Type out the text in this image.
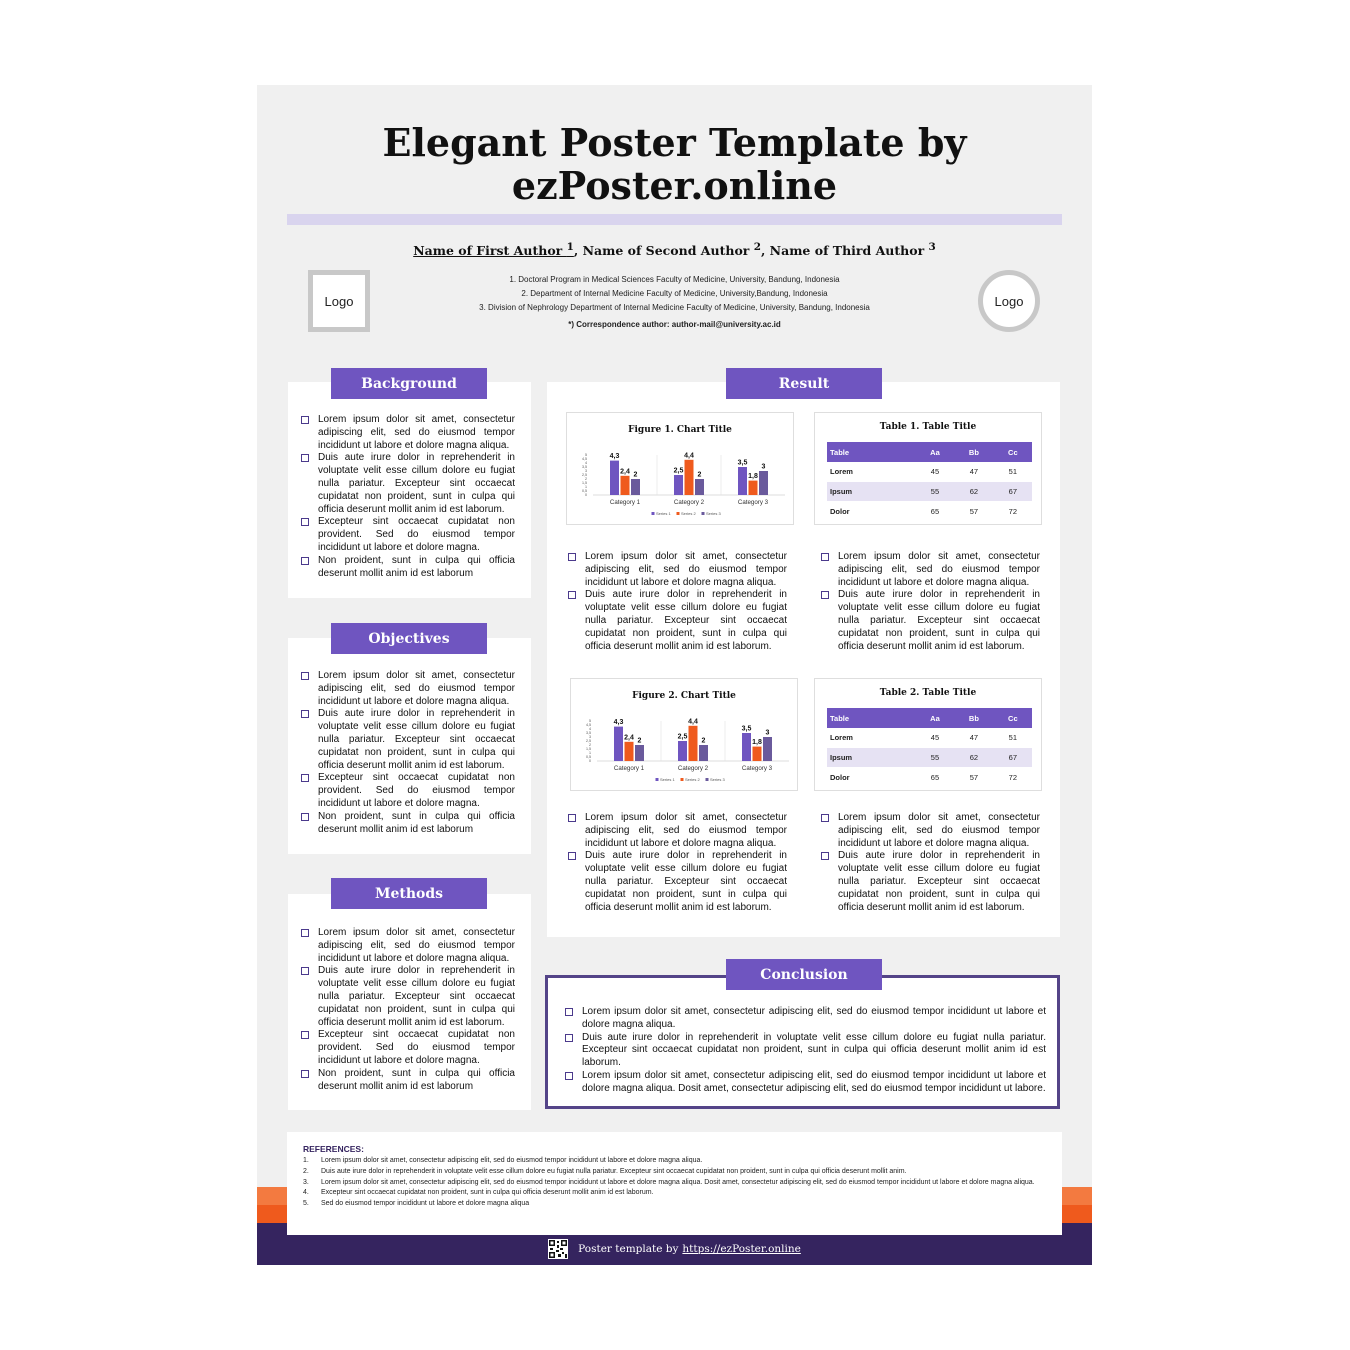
Elegant Poster Template by
ezPoster.online
Name of First Author $^1$, Name of Second Author $^2$, Name of Third Author $^3$
Logo	Logo
1. Doctoral Program in Medical Sciences Faculty of Medicine, University, Bandung, Indonesia
2. Department of Internal Medicine Faculty of Medicine, University,Bandung, Indonesia
3. Division of Nephrology Department of Internal Medicine Faculty of Medicine, University, Bandung, Indonesia
*) Correspondence author: author-mail@university.ac.id
Lorem ipsum dolor sit amet, consectetur adipiscing elit, sed do eiusmod tempor incididunt ut labore et dolore magna aliqua.
Duis aute irure dolor in reprehenderit in voluptate velit esse cillum dolore eu fugiat nulla pariatur. Excepteur sint occaecat cupidatat non proident, sunt in culpa qui officia deserunt mollit anim id est laborum.
Excepteur sint occaecat cupidatat non provident. Sed do eiusmod tempor incididunt ut labore et dolore magna.
Non proident, sunt in culpa qui officia deserunt mollit anim id est laborum
Background
Lorem ipsum dolor sit amet, consectetur adipiscing elit, sed do eiusmod tempor incididunt ut labore et dolore magna aliqua.
Duis aute irure dolor in reprehenderit in voluptate velit esse cillum dolore eu fugiat nulla pariatur. Excepteur sint occaecat cupidatat non proident, sunt in culpa qui officia deserunt mollit anim id est laborum.
Excepteur sint occaecat cupidatat non provident. Sed do eiusmod tempor incididunt ut labore et dolore magna.
Non proident, sunt in culpa qui officia deserunt mollit anim id est laborum
Objectives
Lorem ipsum dolor sit amet, consectetur adipiscing elit, sed do eiusmod tempor incididunt ut labore et dolore magna aliqua.
Duis aute irure dolor in reprehenderit in voluptate velit esse cillum dolore eu fugiat nulla pariatur. Excepteur sint occaecat cupidatat non proident, sunt in culpa qui officia deserunt mollit anim id est laborum.
Excepteur sint occaecat cupidatat non provident. Sed do eiusmod tempor incididunt ut labore et dolore magna.
Non proident, sunt in culpa qui officia deserunt mollit anim id est laborum
Methods
Figure 1. Chart Title
5
4,5
4
3,5
3
2,5
2
1,5
1
0,5
0
4,3
2,4 2
Category 1
2,5
4,4
2
Category 2
3,5
1,8
3
Category 3
Series 1	Series 2	Series 3
Table 1. Table Title
Table	Aa	Bb	Cc
Lorem	45	47	51
Ipsum	55	62	67
Dolor	65	57	72
Lorem ipsum dolor sit amet, consectetur adipiscing elit, sed do eiusmod tempor incididunt ut labore et dolore magna aliqua.
Duis aute irure dolor in reprehenderit in voluptate velit esse cillum dolore eu fugiat nulla pariatur. Excepteur sint occaecat cupidatat non proident, sunt in culpa qui officia deserunt mollit anim id est laborum.
Lorem ipsum dolor sit amet, consectetur adipiscing elit, sed do eiusmod tempor incididunt ut labore et dolore magna aliqua.
Duis aute irure dolor in reprehenderit in voluptate velit esse cillum dolore eu fugiat nulla pariatur. Excepteur sint occaecat cupidatat non proident, sunt in culpa qui officia deserunt mollit anim id est laborum.
Figure 2. Chart Title
5
4,5
4
3,5
3
2,5
2
1,5
1
0,5
0
4,3
2,4 2
Category 1
2,5
4,4
2
Category 2
3,5
1,8
3
Category 3
Series 1	Series 2	Series 3
Table 2. Table Title
Table	Aa	Bb	Cc
Lorem	45	47	51
Ipsum	55	62	67
Dolor	65	57	72
Lorem ipsum dolor sit amet, consectetur adipiscing elit, sed do eiusmod tempor incididunt ut labore et dolore magna aliqua.
Duis aute irure dolor in reprehenderit in voluptate velit esse cillum dolore eu fugiat nulla pariatur. Excepteur sint occaecat cupidatat non proident, sunt in culpa qui officia deserunt mollit anim id est laborum.
Lorem ipsum dolor sit amet, consectetur adipiscing elit, sed do eiusmod tempor incididunt ut labore et dolore magna aliqua.
Duis aute irure dolor in reprehenderit in voluptate velit esse cillum dolore eu fugiat nulla pariatur. Excepteur sint occaecat cupidatat non proident, sunt in culpa qui officia deserunt mollit anim id est laborum.
Result
Lorem ipsum dolor sit amet, consectetur adipiscing elit, sed do eiusmod tempor incididunt ut labore et dolore magna aliqua.
Duis aute irure dolor in reprehenderit in voluptate velit esse cillum dolore eu fugiat nulla pariatur. Excepteur sint occaecat cupidatat non proident, sunt in culpa qui officia deserunt mollit anim id est laborum.
Lorem ipsum dolor sit amet, consectetur adipiscing elit, sed do eiusmod tempor incididunt ut labore et dolore magna aliqua. Dosit amet, consectetur adipiscing elit, sed do eiusmod tempor incididunt ut labore.
Conclusion
REFERENCES:
1. Lorem ipsum dolor sit amet, consectetur adipiscing elit, sed do eiusmod tempor incididunt ut labore et dolore magna aliqua.
2. Duis aute irure dolor in reprehenderit in voluptate velit esse cillum dolore eu fugiat nulla pariatur. Excepteur sint occaecat cupidatat non proident, sunt in culpa qui officia deserunt mollit anim.
3. Lorem ipsum dolor sit amet, consectetur adipiscing elit, sed do eiusmod tempor incididunt ut labore et dolore magna aliqua. Dosit amet, consectetur adipiscing elit, sed do eiusmod tempor incididunt ut labore et dolore magna aliqua.
4. Excepteur sint occaecat cupidatat non proident, sunt in culpa qui officia deserunt mollit anim id est laborum.
5. Sed do eiusmod tempor incididunt ut labore et dolore magna aliqua
Poster template by https://ezPoster.online
